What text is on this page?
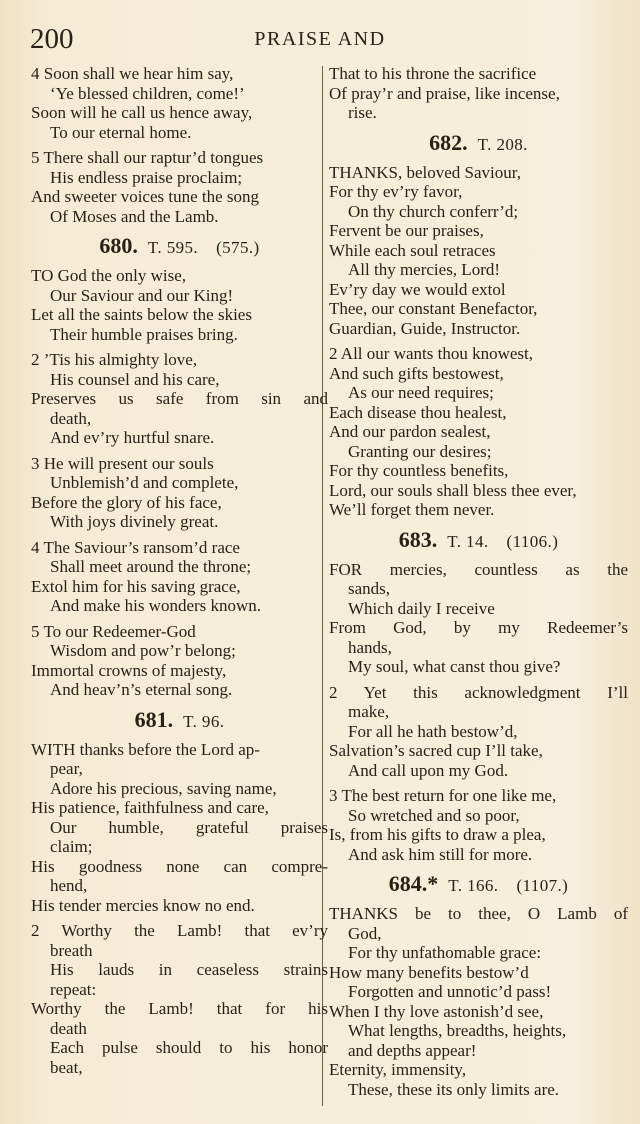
200	PRAISE AND
4 Soon shall we hear him say,
‘Ye blessed children, come!’
Soon will he call us hence away,
To our eternal home.
5 There shall our raptur’d tongues
His endless praise proclaim;
And sweeter voices tune the song
Of Moses and the Lamb.
680. T. 595. (575.)
TO God the only wise,
Our Saviour and our King!
Let all the saints below the skies
Their humble praises bring.
2 ’Tis his almighty love,
His counsel and his care,
Preserves us safe from sin and
death,
And ev’ry hurtful snare.
3 He will present our souls
Unblemish’d and complete,
Before the glory of his face,
With joys divinely great.
4 The Saviour’s ransom’d race
Shall meet around the throne;
Extol him for his saving grace,
And make his wonders known.
5 To our Redeemer-God
Wisdom and pow’r belong;
Immortal crowns of majesty,
And heav’n’s eternal song.
681. T. 96.
WITH thanks before the Lord ap-
pear,
Adore his precious, saving name,
His patience, faithfulness and care,
Our humble, grateful praises
claim;
His goodness none can compre-
hend,
His tender mercies know no end.
2 Worthy the Lamb! that ev’ry
breath
His lauds in ceaseless strains
repeat:
Worthy the Lamb! that for his
death
Each pulse should to his honor
beat,
That to his throne the sacrifice
Of pray’r and praise, like incense,
rise.
682. T. 208.
THANKS, beloved Saviour,
For thy ev’ry favor,
On thy church conferr’d;
Fervent be our praises,
While each soul retraces
All thy mercies, Lord!
Ev’ry day we would extol
Thee, our constant Benefactor,
Guardian, Guide, Instructor.
2 All our wants thou knowest,
And such gifts bestowest,
As our need requires;
Each disease thou healest,
And our pardon sealest,
Granting our desires;
For thy countless benefits,
Lord, our souls shall bless thee ever,
We’ll forget them never.
683. T. 14. (1106.)
FOR mercies, countless as the
sands,
Which daily I receive
From God, by my Redeemer’s
hands,
My soul, what canst thou give?
2 Yet this acknowledgment I’ll
make,
For all he hath bestow’d,
Salvation’s sacred cup I’ll take,
And call upon my God.
3 The best return for one like me,
So wretched and so poor,
Is, from his gifts to draw a plea,
And ask him still for more.
684.* T. 166. (1107.)
THANKS be to thee, O Lamb of
God,
For thy unfathomable grace:
How many benefits bestow’d
Forgotten and unnotic’d pass!
When I thy love astonish’d see,
What lengths, breadths, heights,
and depths appear!
Eternity, immensity,
These, these its only limits are.
